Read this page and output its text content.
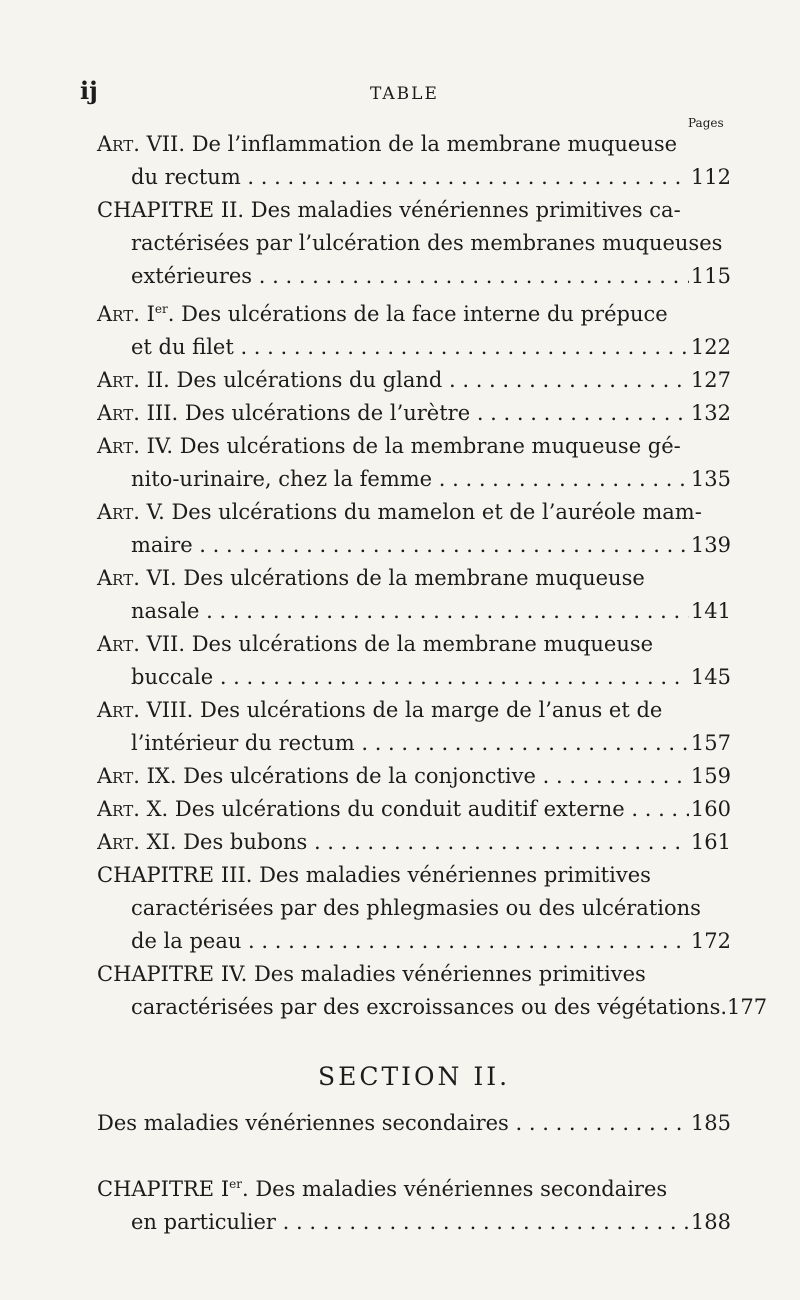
ij	TABLE
Pages
Art. VII. De l’inflammation de la membrane muqueuse
du rectum . . .	112
CHAPITRE II. Des maladies vénériennes primitives ca-
ractérisées par l’ulcération des membranes muqueuses
extérieures . . .	115
Art. Ier. Des ulcérations de la face interne du prépuce
et du filet . . .	122
Art. II. Des ulcérations du gland . . .	127
Art. III. Des ulcérations de l’urètre . . .	132
Art. IV. Des ulcérations de la membrane muqueuse gé-
nito-urinaire, chez la femme . . .	135
Art. V. Des ulcérations du mamelon et de l’auréole mam-
maire . . .	139
Art. VI. Des ulcérations de la membrane muqueuse
nasale . . .	141
Art. VII. Des ulcérations de la membrane muqueuse
buccale . . .	145
Art. VIII. Des ulcérations de la marge de l’anus et de
l’intérieur du rectum . . .	157
Art. IX. Des ulcérations de la conjonctive . . .	159
Art. X. Des ulcérations du conduit auditif externe . . .	160
Art. XI. Des bubons . . .	161
CHAPITRE III. Des maladies vénériennes primitives
caractérisées par des phlegmasies ou des ulcérations
de la peau . . .	172
CHAPITRE IV. Des maladies vénériennes primitives
caractérisées par des excroissances ou des végétations. 177
SECTION II.
Des maladies vénériennes secondaires . . .	185
CHAPITRE Ier. Des maladies vénériennes secondaires
en particulier . . .	188
